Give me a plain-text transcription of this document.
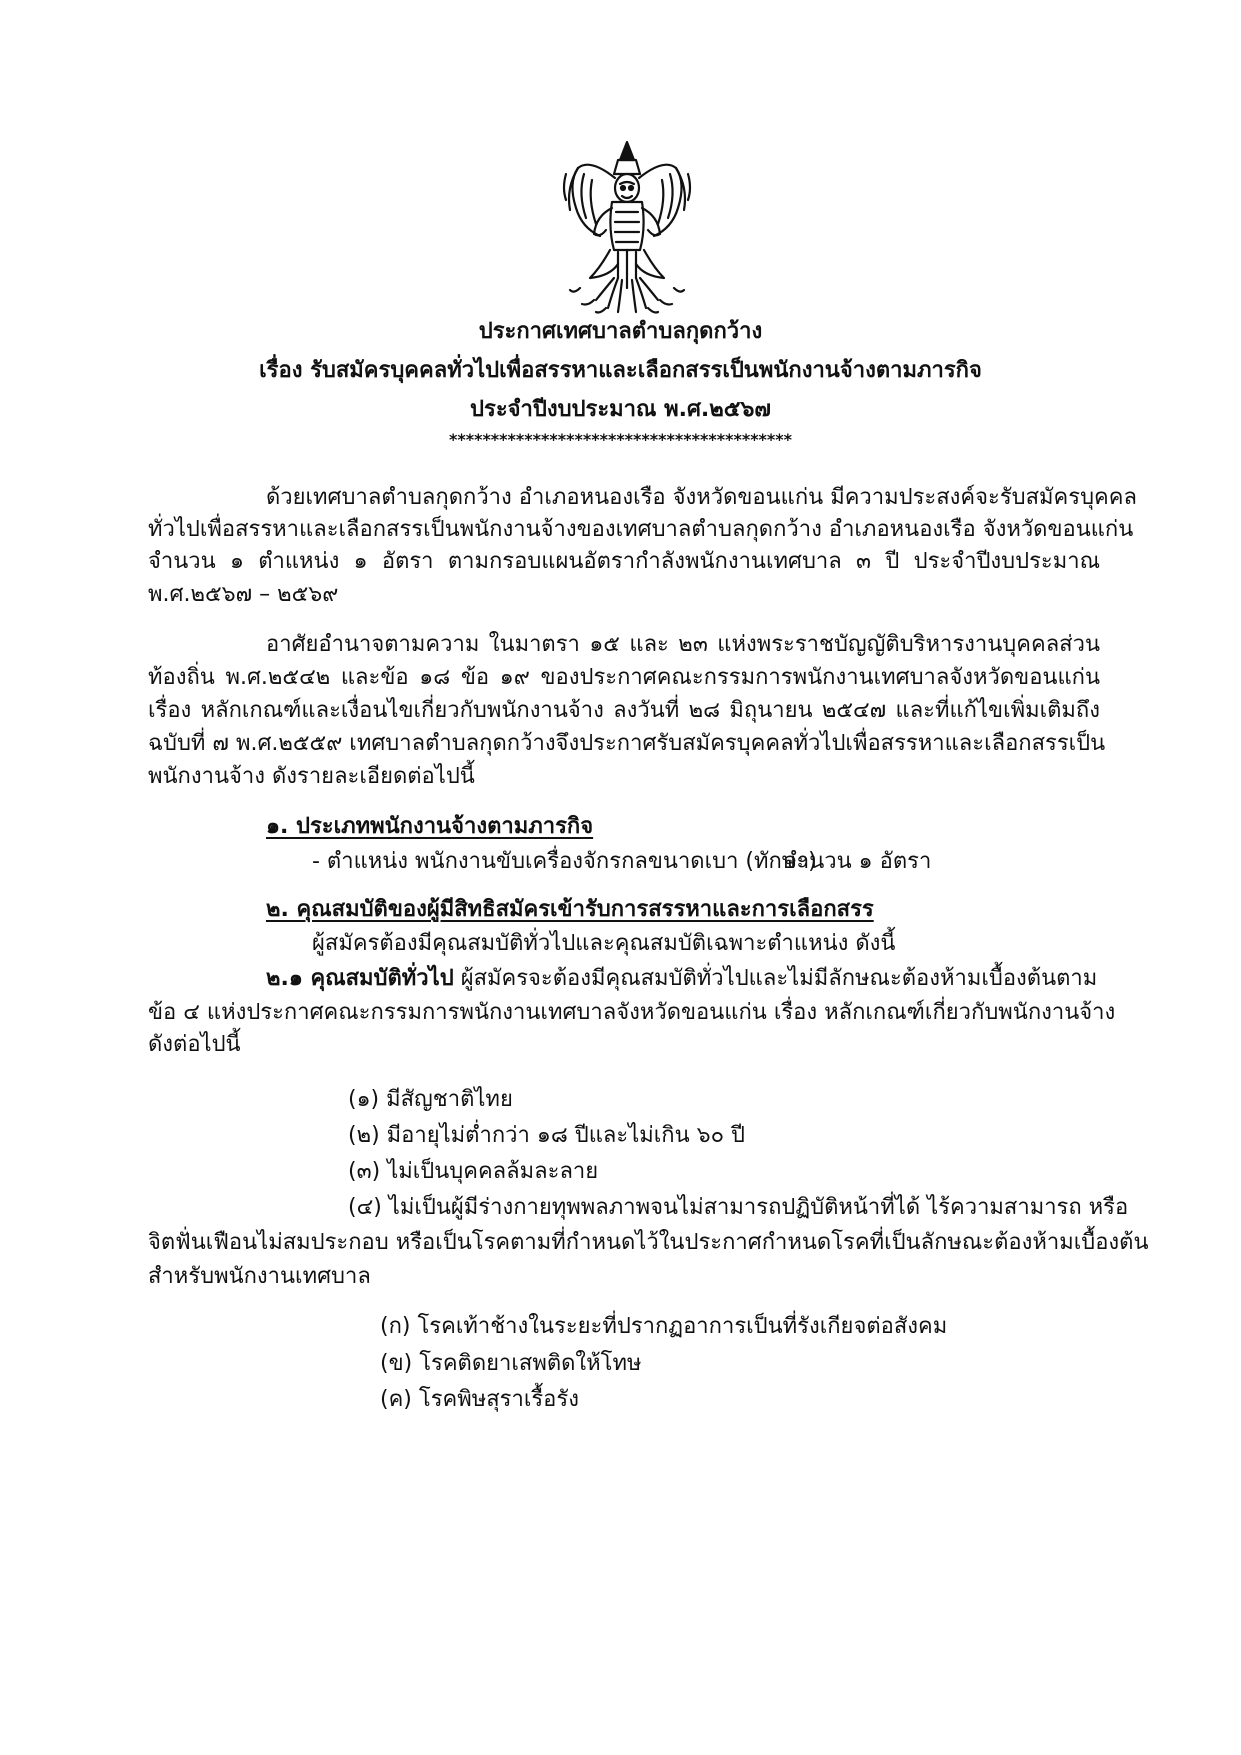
ประกาศเทศบาลตำบลกุดกว้าง
เรื่อง รับสมัครบุคคลทั่วไปเพื่อสรรหาและเลือกสรรเป็นพนักงานจ้างตามภารกิจ
ประจำปีงบประมาณ พ.ศ.๒๕๖๗
*****************************************
ด้วยเทศบาลตำบลกุดกว้าง อำเภอหนองเรือ จังหวัดขอนแก่น มีความประสงค์จะรับสมัครบุคคล
ทั่วไปเพื่อสรรหาและเลือกสรรเป็นพนักงานจ้างของเทศบาลตำบลกุดกว้าง อำเภอหนองเรือ จังหวัดขอนแก่น
จำนวน ๑ ตำแหน่ง ๑ อัตรา ตามกรอบแผนอัตรากำลังพนักงานเทศบาล ๓ ปี ประจำปีงบประมาณ
พ.ศ.๒๕๖๗ – ๒๕๖๙
อาศัยอำนาจตามความ ในมาตรา ๑๕ และ ๒๓ แห่งพระราชบัญญัติบริหารงานบุคคลส่วน
ท้องถิ่น พ.ศ.๒๕๔๒ และข้อ ๑๘ ข้อ ๑๙ ของประกาศคณะกรรมการพนักงานเทศบาลจังหวัดขอนแก่น
เรื่อง หลักเกณฑ์และเงื่อนไขเกี่ยวกับพนักงานจ้าง ลงวันที่ ๒๘ มิถุนายน ๒๕๔๗ และที่แก้ไขเพิ่มเติมถึง
ฉบับที่ ๗ พ.ศ.๒๕๕๙ เทศบาลตำบลกุดกว้างจึงประกาศรับสมัครบุคคลทั่วไปเพื่อสรรหาและเลือกสรรเป็น
พนักงานจ้าง ดังรายละเอียดต่อไปนี้
๑. ประเภทพนักงานจ้างตามภารกิจ
- ตำแหน่ง พนักงานขับเครื่องจักรกลขนาดเบา (ทักษะ)
จำนวน ๑ อัตรา
๒. คุณสมบัติของผู้มีสิทธิสมัครเข้ารับการสรรหาและการเลือกสรร
ผู้สมัครต้องมีคุณสมบัติทั่วไปและคุณสมบัติเฉพาะตำแหน่ง ดังนี้
๒.๑ คุณสมบัติทั่วไป ผู้สมัครจะต้องมีคุณสมบัติทั่วไปและไม่มีลักษณะต้องห้ามเบื้องต้นตาม
ข้อ ๔ แห่งประกาศคณะกรรมการพนักงานเทศบาลจังหวัดขอนแก่น เรื่อง หลักเกณฑ์เกี่ยวกับพนักงานจ้าง
ดังต่อไปนี้
(๑) มีสัญชาติไทย
(๒) มีอายุไม่ต่ำกว่า ๑๘ ปีและไม่เกิน ๖๐ ปี
(๓) ไม่เป็นบุคคลล้มละลาย
(๔) ไม่เป็นผู้มีร่างกายทุพพลภาพจนไม่สามารถปฏิบัติหน้าที่ได้ ไร้ความสามารถ หรือ
จิตฟั่นเฟือนไม่สมประกอบ หรือเป็นโรคตามที่กำหนดไว้ในประกาศกำหนดโรคที่เป็นลักษณะต้องห้ามเบื้องต้น
สำหรับพนักงานเทศบาล
(ก) โรคเท้าช้างในระยะที่ปรากฏอาการเป็นที่รังเกียจต่อสังคม
(ข) โรคติดยาเสพติดให้โทษ
(ค) โรคพิษสุราเรื้อรัง
